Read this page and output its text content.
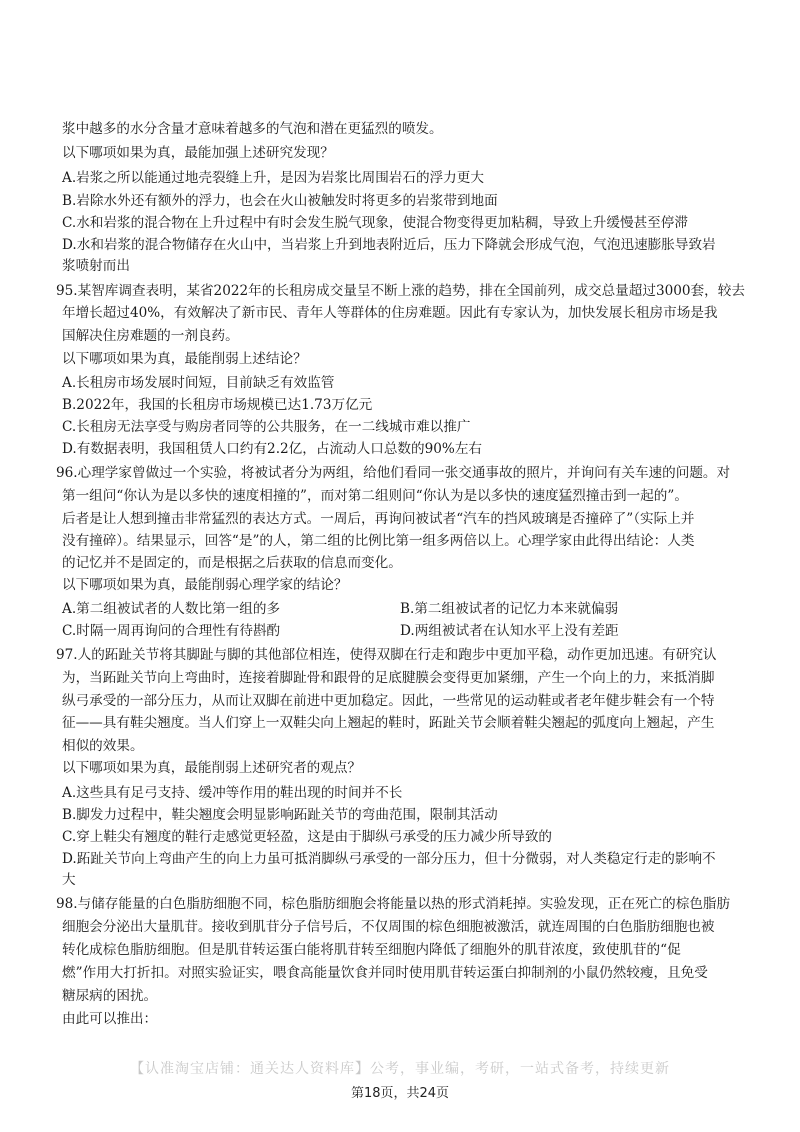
浆中越多的水分含量才意味着越多的气泡和潜在更猛烈的喷发。
以下哪项如果为真，最能加强上述研究发现？
A.岩浆之所以能通过地壳裂缝上升，是因为岩浆比周围岩石的浮力更大
B.岩除水外还有额外的浮力，也会在火山被触发时将更多的岩浆带到地面
C.水和岩浆的混合物在上升过程中有时会发生脱气现象，使混合物变得更加粘稠，导致上升缓慢甚至停滞
D.水和岩浆的混合物储存在火山中，当岩浆上升到地表附近后，压力下降就会形成气泡，气泡迅速膨胀导致岩
浆喷射而出
95.某智库调查表明，某省2022年的长租房成交量呈不断上涨的趋势，排在全国前列，成交总量超过3000套，较去
年增长超过40%，有效解决了新市民、青年人等群体的住房难题。因此有专家认为，加快发展长租房市场是我
国解决住房难题的一剂良药。
以下哪项如果为真，最能削弱上述结论？
A.长租房市场发展时间短，目前缺乏有效监管
B.2022年，我国的长租房市场规模已达1.73万亿元
C.长租房无法享受与购房者同等的公共服务，在一二线城市难以推广
D.有数据表明，我国租赁人口约有2.2亿，占流动人口总数的90%左右
96.心理学家曾做过一个实验，将被试者分为两组，给他们看同一张交通事故的照片，并询问有关车速的问题。对
第一组问“你认为是以多快的速度相撞的”，而对第二组则问“你认为是以多快的速度猛烈撞击到一起的”。
后者是让人想到撞击非常猛烈的表达方式。一周后，再询问被试者“汽车的挡风玻璃是否撞碎了”（实际上并
没有撞碎）。结果显示，回答“是”的人，第二组的比例比第一组多两倍以上。心理学家由此得出结论：人类
的记忆并不是固定的，而是根据之后获取的信息而变化。
以下哪项如果为真，最能削弱心理学家的结论？
A.第二组被试者的人数比第一组的多	B.第二组被试者的记忆力本来就偏弱
C.时隔一周再询问的合理性有待斟酌	D.两组被试者在认知水平上没有差距
97.人的跖趾关节将其脚趾与脚的其他部位相连，使得双脚在行走和跑步中更加平稳，动作更加迅速。有研究认
为，当跖趾关节向上弯曲时，连接着脚趾骨和跟骨的足底腱膜会变得更加紧绷，产生一个向上的力，来抵消脚
纵弓承受的一部分压力，从而让双脚在前进中更加稳定。因此，一些常见的运动鞋或者老年健步鞋会有一个特
征——具有鞋尖翘度。当人们穿上一双鞋尖向上翘起的鞋时，跖趾关节会顺着鞋尖翘起的弧度向上翘起，产生
相似的效果。
以下哪项如果为真，最能削弱上述研究者的观点？
A.这些具有足弓支持、缓冲等作用的鞋出现的时间并不长
B.脚发力过程中，鞋尖翘度会明显影响跖趾关节的弯曲范围，限制其活动
C.穿上鞋尖有翘度的鞋行走感觉更轻盈，这是由于脚纵弓承受的压力减少所导致的
D.跖趾关节向上弯曲产生的向上力虽可抵消脚纵弓承受的一部分压力，但十分微弱，对人类稳定行走的影响不
大
98.与储存能量的白色脂肪细胞不同，棕色脂肪细胞会将能量以热的形式消耗掉。实验发现，正在死亡的棕色脂肪
细胞会分泌出大量肌苷。接收到肌苷分子信号后，不仅周围的棕色细胞被激活，就连周围的白色脂肪细胞也被
转化成棕色脂肪细胞。但是肌苷转运蛋白能将肌苷转至细胞内降低了细胞外的肌苷浓度，致使肌苷的“促
燃”作用大打折扣。对照实验证实，喂食高能量饮食并同时使用肌苷转运蛋白抑制剂的小鼠仍然较瘦，且免受
糖尿病的困扰。
由此可以推出：
【认准淘宝店铺：通关达人资料库】公考，事业编，考研，一站式备考，持续更新
第18页，共24页
